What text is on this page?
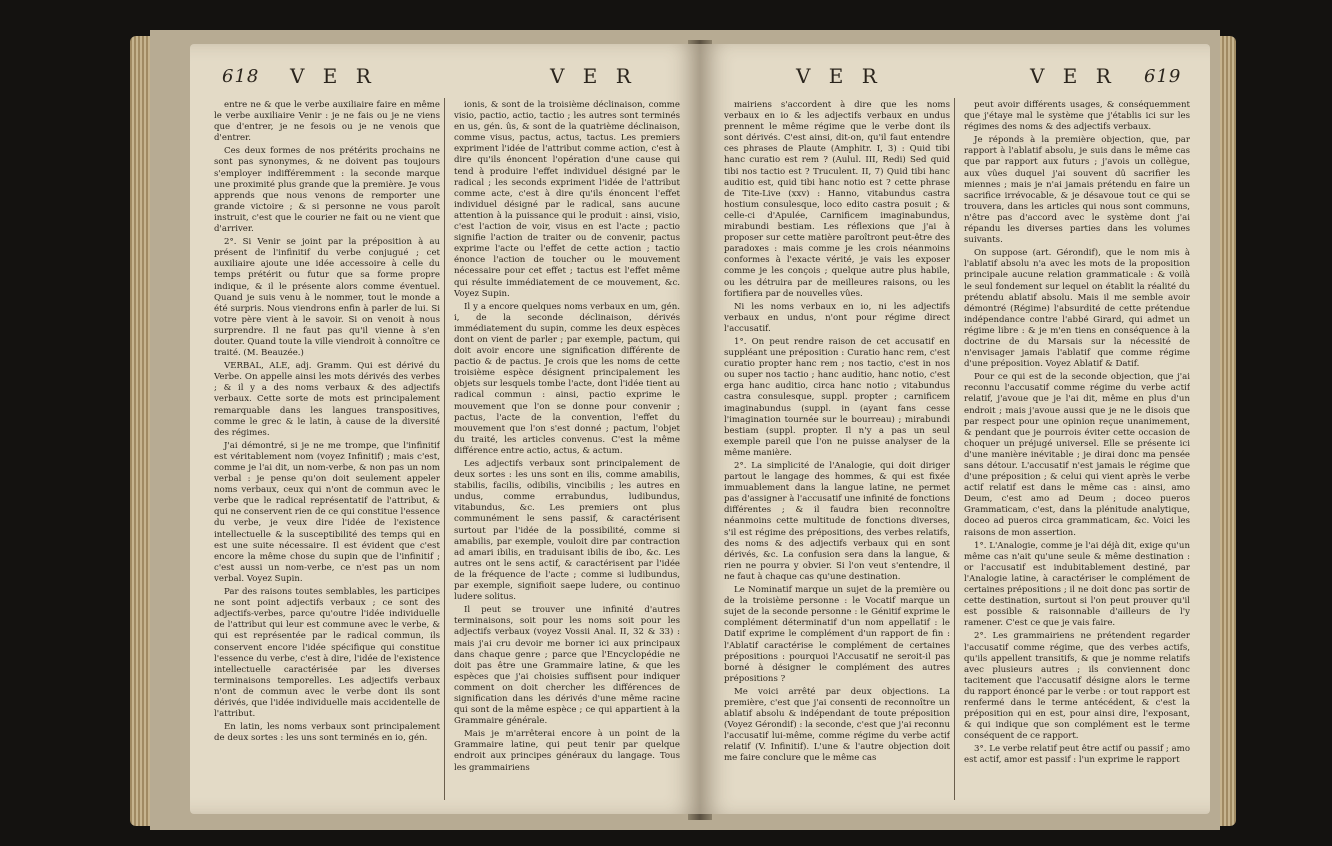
618 V E R	V E R

entre ne & que le verbe auxiliaire faire en même le verbe auxiliaire Venir : je ne fais ou je ne viens que d'entrer, je ne fesois ou je ne venois que d'entrer.

Ces deux formes de nos prétérits prochains ne sont pas synonymes, & ne doivent pas toujours s'employer indifféremment : la seconde marque une proximité plus grande que la première. Je vous apprends que nous venons de remporter une grande victoire ; & si personne ne vous paroît instruit, c'est que le courier ne fait ou ne vient que d'arriver.

2°. Si Venir se joint par la préposition à au présent de l'infinitif du verbe conjugué ; cet auxiliaire ajoute une idée accessoire à celle du temps prétérit ou futur que sa forme propre indique, & il le présente alors comme éventuel. Quand je suis venu à le nommer, tout le monde a été surpris. Nous viendrons enfin à parler de lui. Si votre père vient à le savoir. Si on venoit à nous surprendre. Il ne faut pas qu'il vienne à s'en douter. Quand toute la ville viendroit à connoître ce traité. (M. Beauzée.)

VERBAL, ALE, adj. Gramm. Qui est dérivé du Verbe. On appelle ainsi les mots dérivés des verbes ; & il y a des noms verbaux & des adjectifs verbaux. Cette sorte de mots est principalement remarquable dans les langues transpositives, comme le grec & le latin, à cause de la diversité des régimes.

J'ai démontré, si je ne me trompe, que l'infinitif est véritablement nom (voyez Infinitif) ; mais c'est, comme je l'ai dit, un nom-verbe, & non pas un nom verbal : je pense qu'on doit seulement appeler noms verbaux, ceux qui n'ont de commun avec le verbe que le radical représentatif de l'attribut, & qui ne conservent rien de ce qui constitue l'essence du verbe, je veux dire l'idée de l'existence intellectuelle & la susceptibilité des temps qui en est une suite nécessaire. Il est évident que c'est encore la même chose du supin que de l'infinitif ; c'est aussi un nom-verbe, ce n'est pas un nom verbal. Voyez Supin.

Par des raisons toutes semblables, les participes ne sont point adjectifs verbaux ; ce sont des adjectifs-verbes, parce qu'outre l'idée individuelle de l'attribut qui leur est commune avec le verbe, & qui est représentée par le radical commun, ils conservent encore l'idée spécifique qui constitue l'essence du verbe, c'est à dire, l'idée de l'existence intellectuelle caractérisée par les diverses terminaisons temporelles. Les adjectifs verbaux n'ont de commun avec le verbe dont ils sont dérivés, que l'idée individuelle mais accidentelle de l'attribut.

En latin, les noms verbaux sont principalement de deux sortes : les uns sont terminés en io, gén.

ionis, & sont de la troisième déclinaison, comme visio, pactio, actio, tactio ; les autres sont terminés en us, gén. ûs, & sont de la quatrième déclinaison, comme visus, pactus, actus, tactus. Les premiers expriment l'idée de l'attribut comme action, c'est à dire qu'ils énoncent l'opération d'une cause qui tend à produire l'effet individuel désigné par le radical ; les seconds expriment l'idée de l'attribut comme acte, c'est à dire qu'ils énoncent l'effet individuel désigné par le radical, sans aucune attention à la puissance qui le produit : ainsi, visio, c'est l'action de voir, visus en est l'acte ; pactio signifie l'action de traiter ou de convenir, pactus exprime l'acte ou l'effet de cette action ; tactio énonce l'action de toucher ou le mouvement nécessaire pour cet effet ; tactus est l'effet même qui résulte immédiatement de ce mouvement, &c. Voyez Supin.

Il y a encore quelques noms verbaux en um, gén. i, de la seconde déclinaison, dérivés immédiatement du supin, comme les deux espèces dont on vient de parler ; par exemple, pactum, qui doit avoir encore une signification différente de pactio & de pactus. Je crois que les noms de cette troisième espèce désignent principalement les objets sur lesquels tombe l'acte, dont l'idée tient au radical commun : ainsi, pactio exprime le mouvement que l'on se donne pour convenir ; pactus, l'acte de la convention, l'effet du mouvement que l'on s'est donné ; pactum, l'objet du traité, les articles convenus. C'est la même différence entre actio, actus, & actum.

Les adjectifs verbaux sont principalement de deux sortes : les uns sont en ilis, comme amabilis, stabilis, facilis, odibilis, vincibilis ; les autres en undus, comme errabundus, ludibundus, vitabundus, &c. Les premiers ont plus communément le sens passif, & caractérisent surtout par l'idée de la possibilité, comme si amabilis, par exemple, vouloit dire par contraction ad amari ibilis, en traduisant ibilis de ibo, &c. Les autres ont le sens actif, & caractérisent par l'idée de la fréquence de l'acte ; comme si ludibundus, par exemple, signifioit saepe ludere, ou continuo ludere solitus.

Il peut se trouver une infinité d'autres terminaisons, soit pour les noms soit pour les adjectifs verbaux (voyez Vossii Anal. II, 32 & 33) : mais j'ai cru devoir me borner ici aux principaux dans chaque genre ; parce que l'Encyclopédie ne doit pas être une Grammaire latine, & que les espèces que j'ai choisies suffisent pour indiquer comment on doit chercher les différences de signification dans les dérivés d'une même racine qui sont de la même espèce ; ce qui appartient à la Grammaire générale.

Mais je m'arrêterai encore à un point de la Grammaire latine, qui peut tenir par quelque endroit aux principes généraux du langage. Tous les grammairiens

V E R	V E R 619

mairiens s'accordent à dire que les noms verbaux en io & les adjectifs verbaux en undus prennent le même régime que le verbe dont ils sont dérivés. C'est ainsi, dit-on, qu'il faut entendre ces phrases de Plaute (Amphitr. I, 3) : Quid tibi hanc curatio est rem ? (Aulul. III, Redi) Sed quid tibi nos tactio est ? Truculent. II, 7) Quid tibi hanc auditio est, quid tibi hanc notio est ? cette phrase de Tite-Live (xxv) : Hanno, vitabundus castra hostium consulesque, loco edito castra posuit ; & celle-ci d'Apulée, Carnificem imaginabundus, mirabundi bestiam. Les réflexions que j'ai à proposer sur cette matière paroîtront peut-être des paradoxes : mais comme je les crois néanmoins conformes à l'exacte vérité, je vais les exposer comme je les conçois ; quelque autre plus habile, ou les détruira par de meilleures raisons, ou les fortifiera par de nouvelles vûes.

Ni les noms verbaux en io, ni les adjectifs verbaux en undus, n'ont pour régime direct l'accusatif.

1°. On peut rendre raison de cet accusatif en suppléant une préposition : Curatio hanc rem, c'est curatio propter hanc rem ; nos tactio, c'est in nos ou super nos tactio ; hanc auditio, hanc notio, c'est erga hanc auditio, circa hanc notio ; vitabundus castra consulesque, suppl. propter ; carnificem imaginabundus (suppl. in (ayant fans cesse l'imagination tournée sur le bourreau) ; mirabundi bestiam (suppl. propter. Il n'y a pas un seul exemple pareil que l'on ne puisse analyser de la même manière.

2°. La simplicité de l'Analogie, qui doit diriger partout le langage des hommes, & qui est fixée immuablement dans la langue latine, ne permet pas d'assigner à l'accusatif une infinité de fonctions différentes ; & il faudra bien reconnoître néanmoins cette multitude de fonctions diverses, s'il est régime des prépositions, des verbes relatifs, des noms & des adjectifs verbaux qui en sont dérivés, &c. La confusion sera dans la langue, & rien ne pourra y obvier. Si l'on veut s'entendre, il ne faut à chaque cas qu'une destination.

Le Nominatif marque un sujet de la première ou de la troisième personne : le Vocatif marque un sujet de la seconde personne : le Génitif exprime le complément déterminatif d'un nom appellatif : le Datif exprime le complément d'un rapport de fin : l'Ablatif caractérise le complément de certaines prépositions : pourquoi l'Accusatif ne seroit-il pas borné à désigner le complément des autres prépositions ?

Me voici arrêté par deux objections. La première, c'est que j'ai consenti de reconnoître un ablatif absolu & indépendant de toute préposition (Voyez Gérondif) : la seconde, c'est que j'ai reconnu l'accusatif lui-même, comme régime du verbe actif relatif (V. Infinitif). L'une & l'autre objection doit me faire conclure que le même cas

peut avoir différents usages, & conséquemment que j'étaye mal le système que j'établis ici sur les régimes des noms & des adjectifs verbaux.

Je réponds à la première objection, que, par rapport à l'ablatif absolu, je suis dans le même cas que par rapport aux futurs ; j'avois un collègue, aux vûes duquel j'ai souvent dû sacrifier les miennes ; mais je n'ai jamais prétendu en faire un sacrifice irrévocable, & je désavoue tout ce qui se trouvera, dans les articles qui nous sont communs, n'être pas d'accord avec le système dont j'ai répandu les diverses parties dans les volumes suivants.

On suppose (art. Gérondif), que le nom mis à l'ablatif absolu n'a avec les mots de la proposition principale aucune relation grammaticale : & voilà le seul fondement sur lequel on établit la réalité du prétendu ablatif absolu. Mais il me semble avoir démontré (Régime) l'absurdité de cette prétendue indépendance contre l'abbé Girard, qui admet un régime libre : & je m'en tiens en conséquence à la doctrine de du Marsais sur la nécessité de n'envisager jamais l'ablatif que comme régime d'une préposition. Voyez Ablatif & Datif.

Pour ce qui est de la seconde objection, que j'ai reconnu l'accusatif comme régime du verbe actif relatif, j'avoue que je l'ai dit, même en plus d'un endroit ; mais j'avoue aussi que je ne le disois que par respect pour une opinion reçue unanimement, & pendant que je pourrois éviter cette occasion de choquer un préjugé universel. Elle se présente ici d'une manière inévitable ; je dirai donc ma pensée sans détour. L'accusatif n'est jamais le régime que d'une préposition ; & celui qui vient après le verbe actif relatif est dans le même cas : ainsi, amo Deum, c'est amo ad Deum ; doceo pueros Grammaticam, c'est, dans la plénitude analytique, doceo ad pueros circa grammaticam, &c. Voici les raisons de mon assertion.

1°. L'Analogie, comme je l'ai déjà dit, exige qu'un même cas n'ait qu'une seule & même destination : or l'accusatif est indubitablement destiné, par l'Analogie latine, à caractériser le complément de certaines prépositions ; il ne doit donc pas sortir de cette destination, surtout si l'on peut prouver qu'il est possible & raisonnable d'ailleurs de l'y ramener. C'est ce que je vais faire.

2°. Les grammairiens ne prétendent regarder l'accusatif comme régime, que des verbes actifs, qu'ils appellent transitifs, & que je nomme relatifs avec plusieurs autres ; ils conviennent donc tacitement que l'accusatif désigne alors le terme du rapport énoncé par le verbe : or tout rapport est renfermé dans le terme antécédent, & c'est la préposition qui en est, pour ainsi dire, l'exposant, & qui indique que son complément est le terme conséquent de ce rapport.

3°. Le verbe relatif peut être actif ou passif ; amo est actif, amor est passif : l'un exprime le rapport
